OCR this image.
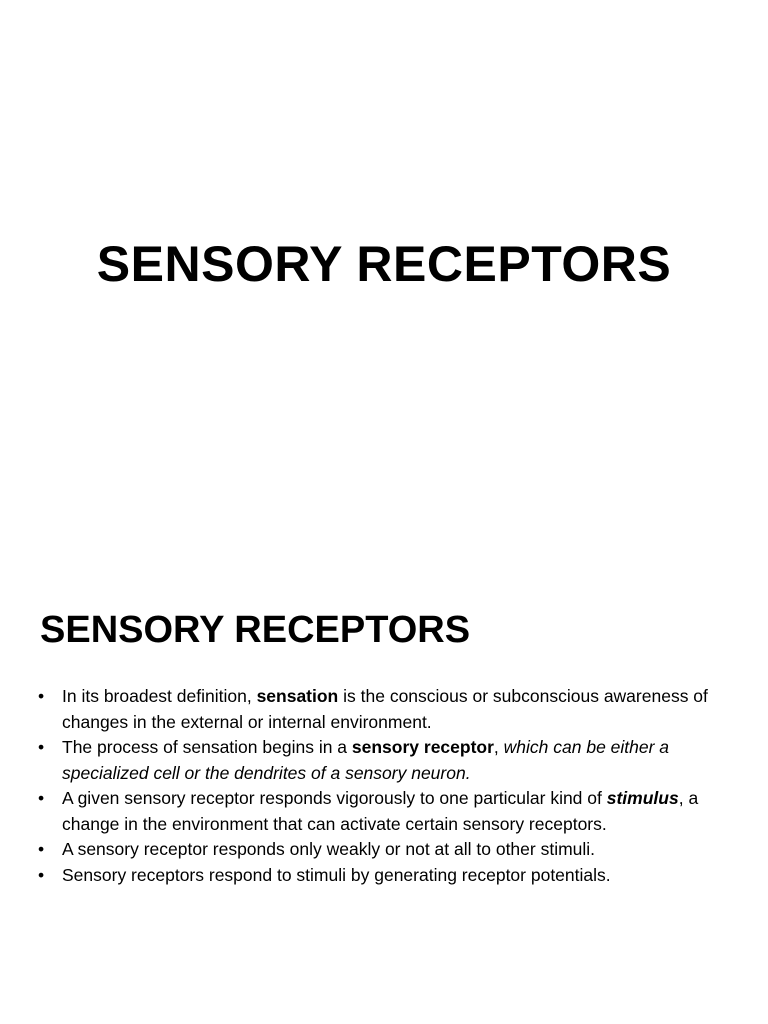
SENSORY RECEPTORS
SENSORY RECEPTORS
• In its broadest definition, sensation is the conscious or subconscious awareness of changes in the external or internal environment.
• The process of sensation begins in a sensory receptor, which can be either a specialized cell or the dendrites of a sensory neuron.
• A given sensory receptor responds vigorously to one particular kind of stimulus, a change in the environment that can activate certain sensory receptors.
• A sensory receptor responds only weakly or not at all to other stimuli.
• Sensory receptors respond to stimuli by generating receptor potentials.
